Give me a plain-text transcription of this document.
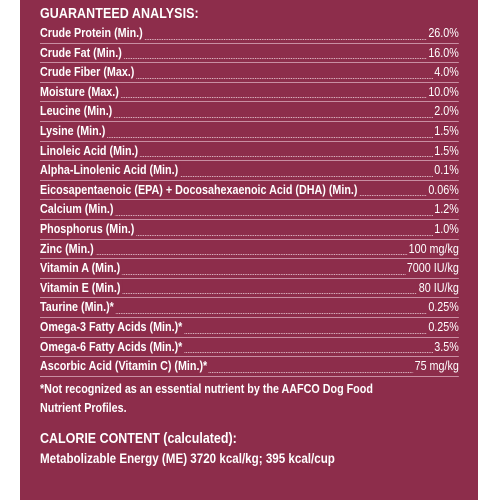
GUARANTEED ANALYSIS:
Crude Protein (Min.)	26.0%
Crude Fat (Min.)	16.0%
Crude Fiber (Max.)	4.0%
Moisture (Max.)	10.0%
Leucine (Min.)	2.0%
Lysine (Min.)	1.5%
Linoleic Acid (Min.)	1.5%
Alpha-Linolenic Acid (Min.)	0.1%
Eicosapentaenoic (EPA) + Docosahexaenoic Acid (DHA) (Min.)	0.06%
Calcium (Min.)	1.2%
Phosphorus (Min.)	1.0%
Zinc (Min.)	100 mg/kg
Vitamin A (Min.)	7000 IU/kg
Vitamin E (Min.)	80 IU/kg
Taurine (Min.)*	0.25%
Omega-3 Fatty Acids (Min.)*	0.25%
Omega-6 Fatty Acids (Min.)*	3.5%
Ascorbic Acid (Vitamin C) (Min.)*	75 mg/kg
*Not recognized as an essential nutrient by the AAFCO Dog Food Nutrient Profiles.
CALORIE CONTENT (calculated):
Metabolizable Energy (ME) 3720 kcal/kg; 395 kcal/cup
